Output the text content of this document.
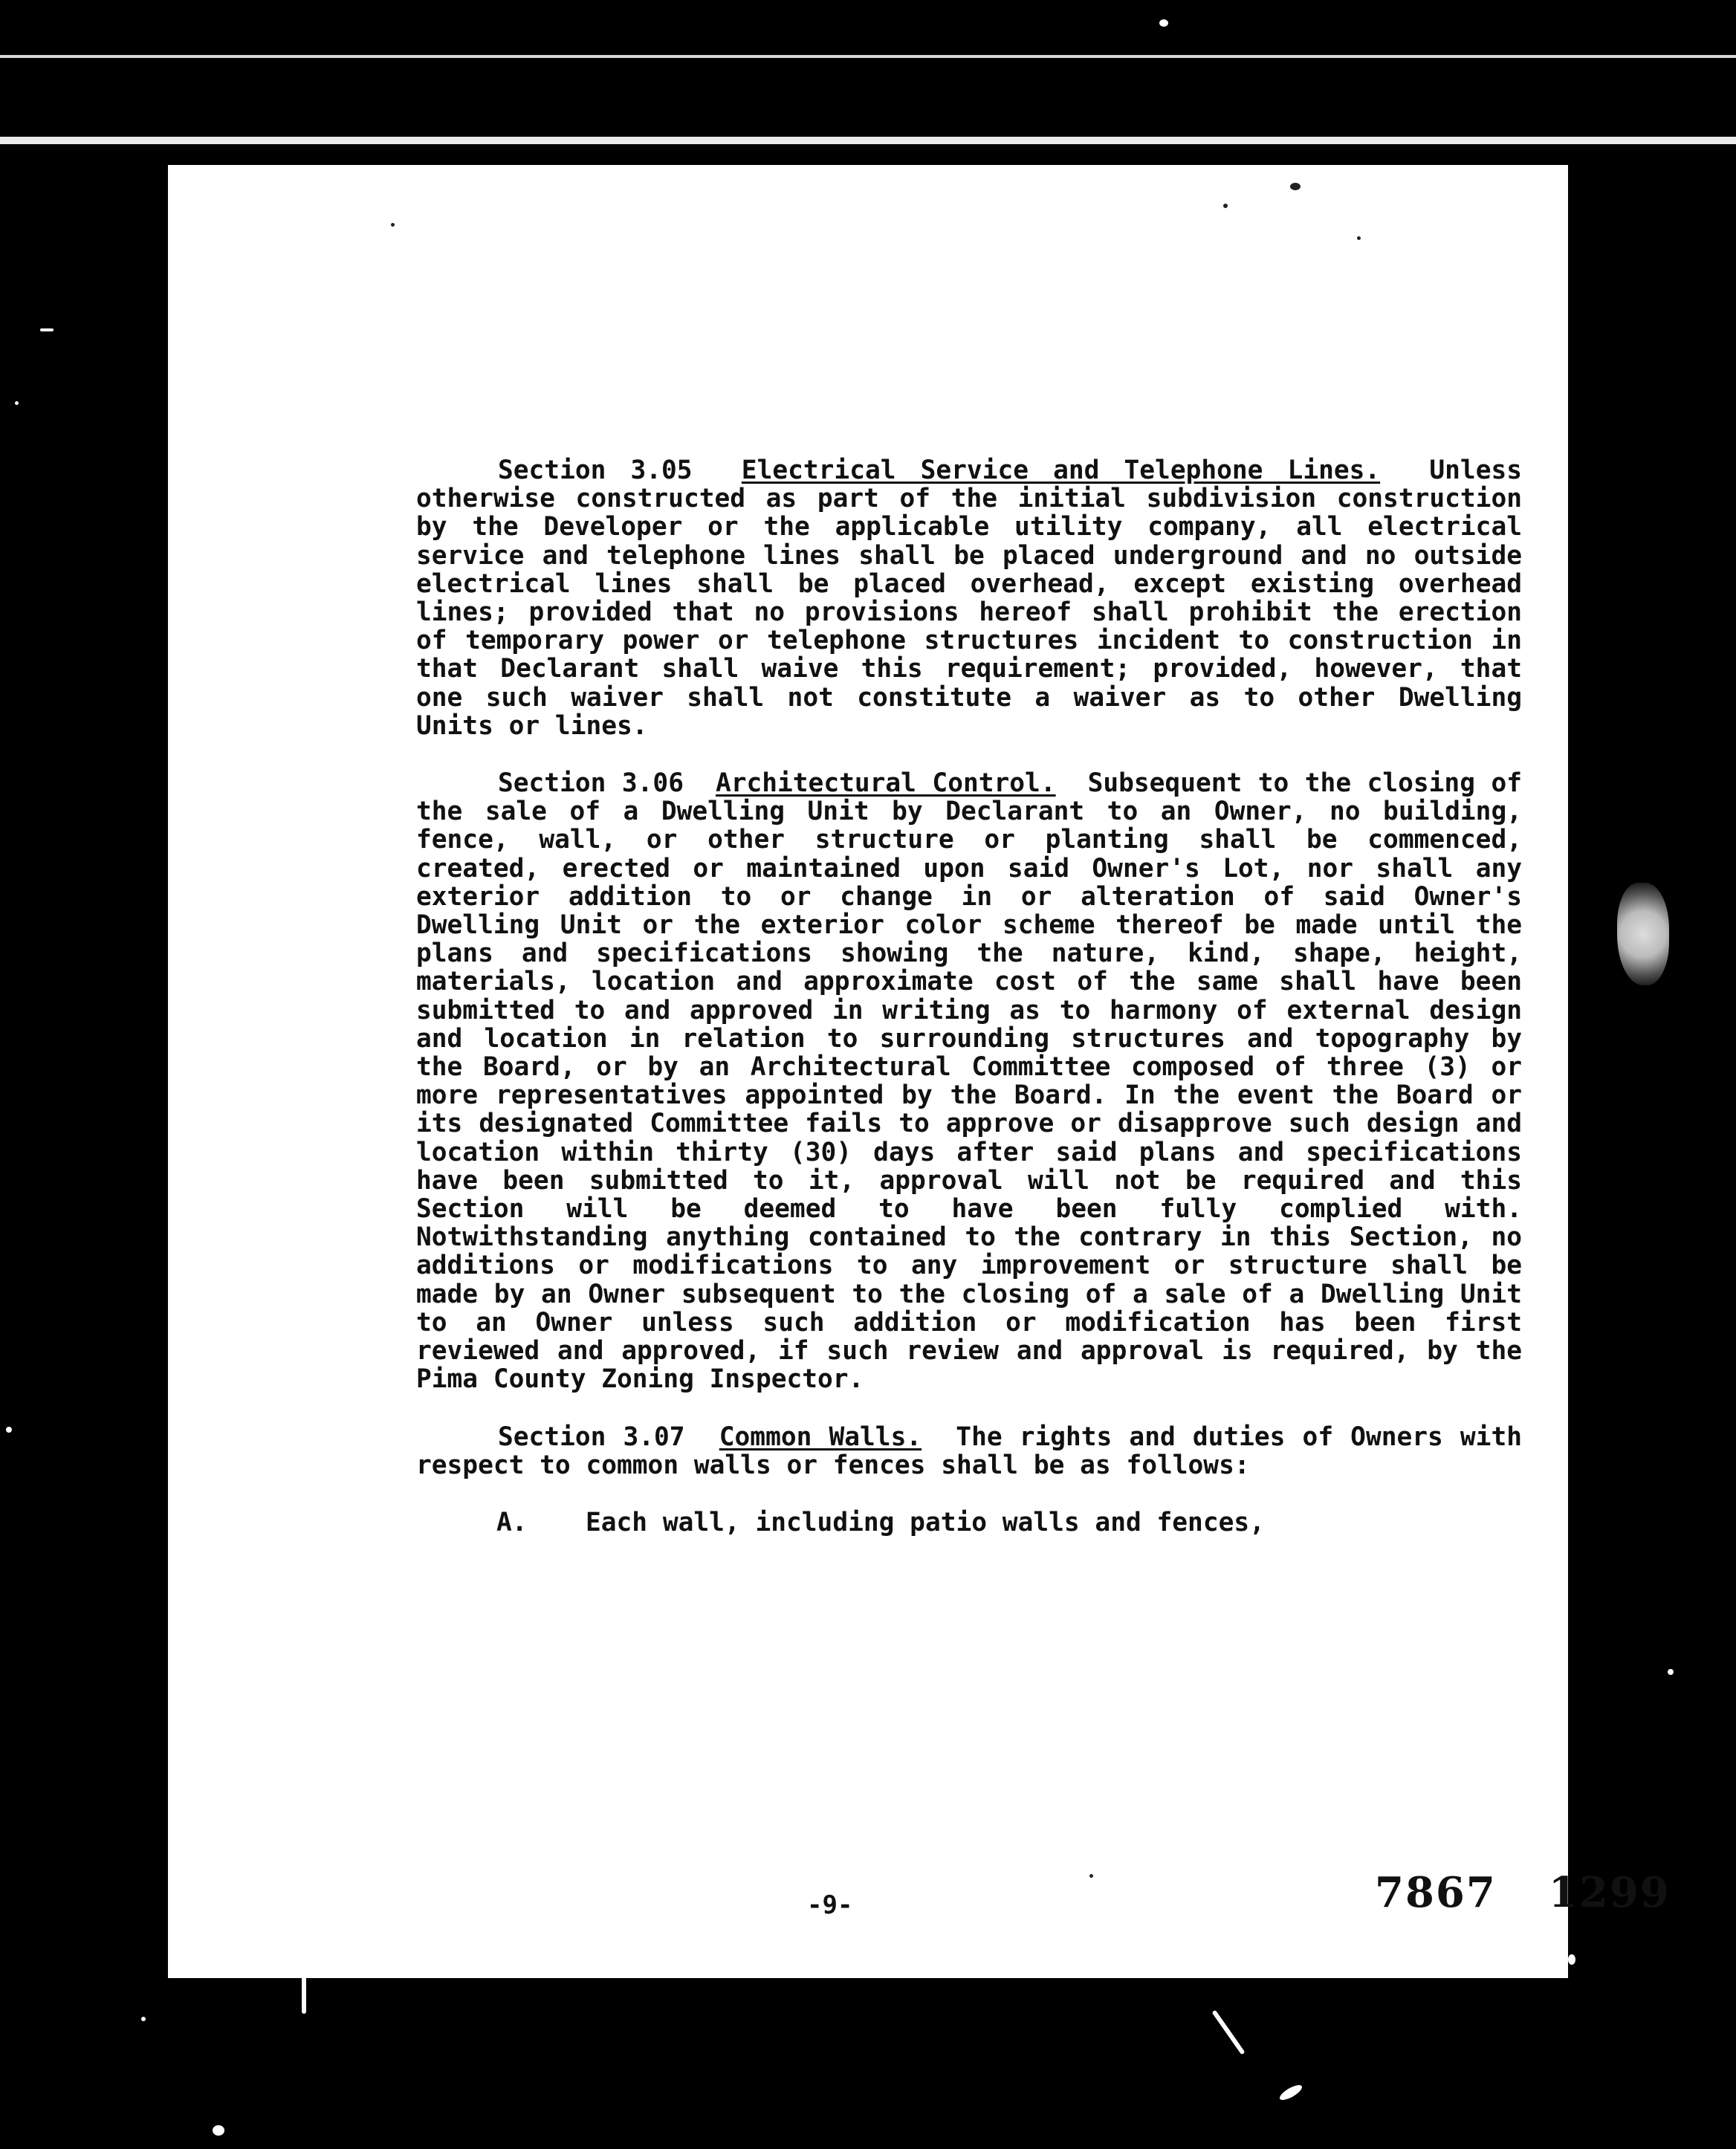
Section 3.05 Electrical Service and Telephone Lines. Unless otherwise constructed as part of the initial subdivision construction by the Developer or the applicable utility company, all electrical service and telephone lines shall be placed underground and no outside electrical lines shall be placed overhead, except existing overhead lines; provided that no provisions hereof shall prohibit the erection of temporary power or telephone structures incident to construction in that Declarant shall waive this requirement; provided, however, that one such waiver shall not constitute a waiver as to other Dwelling Units or lines.

Section 3.06 Architectural Control. Subsequent to the closing of the sale of a Dwelling Unit by Declarant to an Owner, no building, fence, wall, or other structure or planting shall be commenced, created, erected or maintained upon said Owner's Lot, nor shall any exterior addition to or change in or alteration of said Owner's Dwelling Unit or the exterior color scheme thereof be made until the plans and specifications showing the nature, kind, shape, height, materials, location and approximate cost of the same shall have been submitted to and approved in writing as to harmony of external design and location in relation to surrounding structures and topography by the Board, or by an Architectural Committee composed of three (3) or more representatives appointed by the Board. In the event the Board or its designated Committee fails to approve or disapprove such design and location within thirty (30) days after said plans and specifications have been submitted to it, approval will not be required and this Section will be deemed to have been fully complied with. Notwithstanding anything contained to the contrary in this Section, no additions or modifications to any improvement or structure shall be made by an Owner subsequent to the closing of a sale of a Dwelling Unit to an Owner unless such addition or modification has been first reviewed and approved, if such review and approval is required, by the Pima County Zoning Inspector.

Section 3.07 Common Walls. The rights and duties of Owners with respect to common walls or fences shall be as follows:

A. Each wall, including patio walls and fences,

-9-	7867 1299
